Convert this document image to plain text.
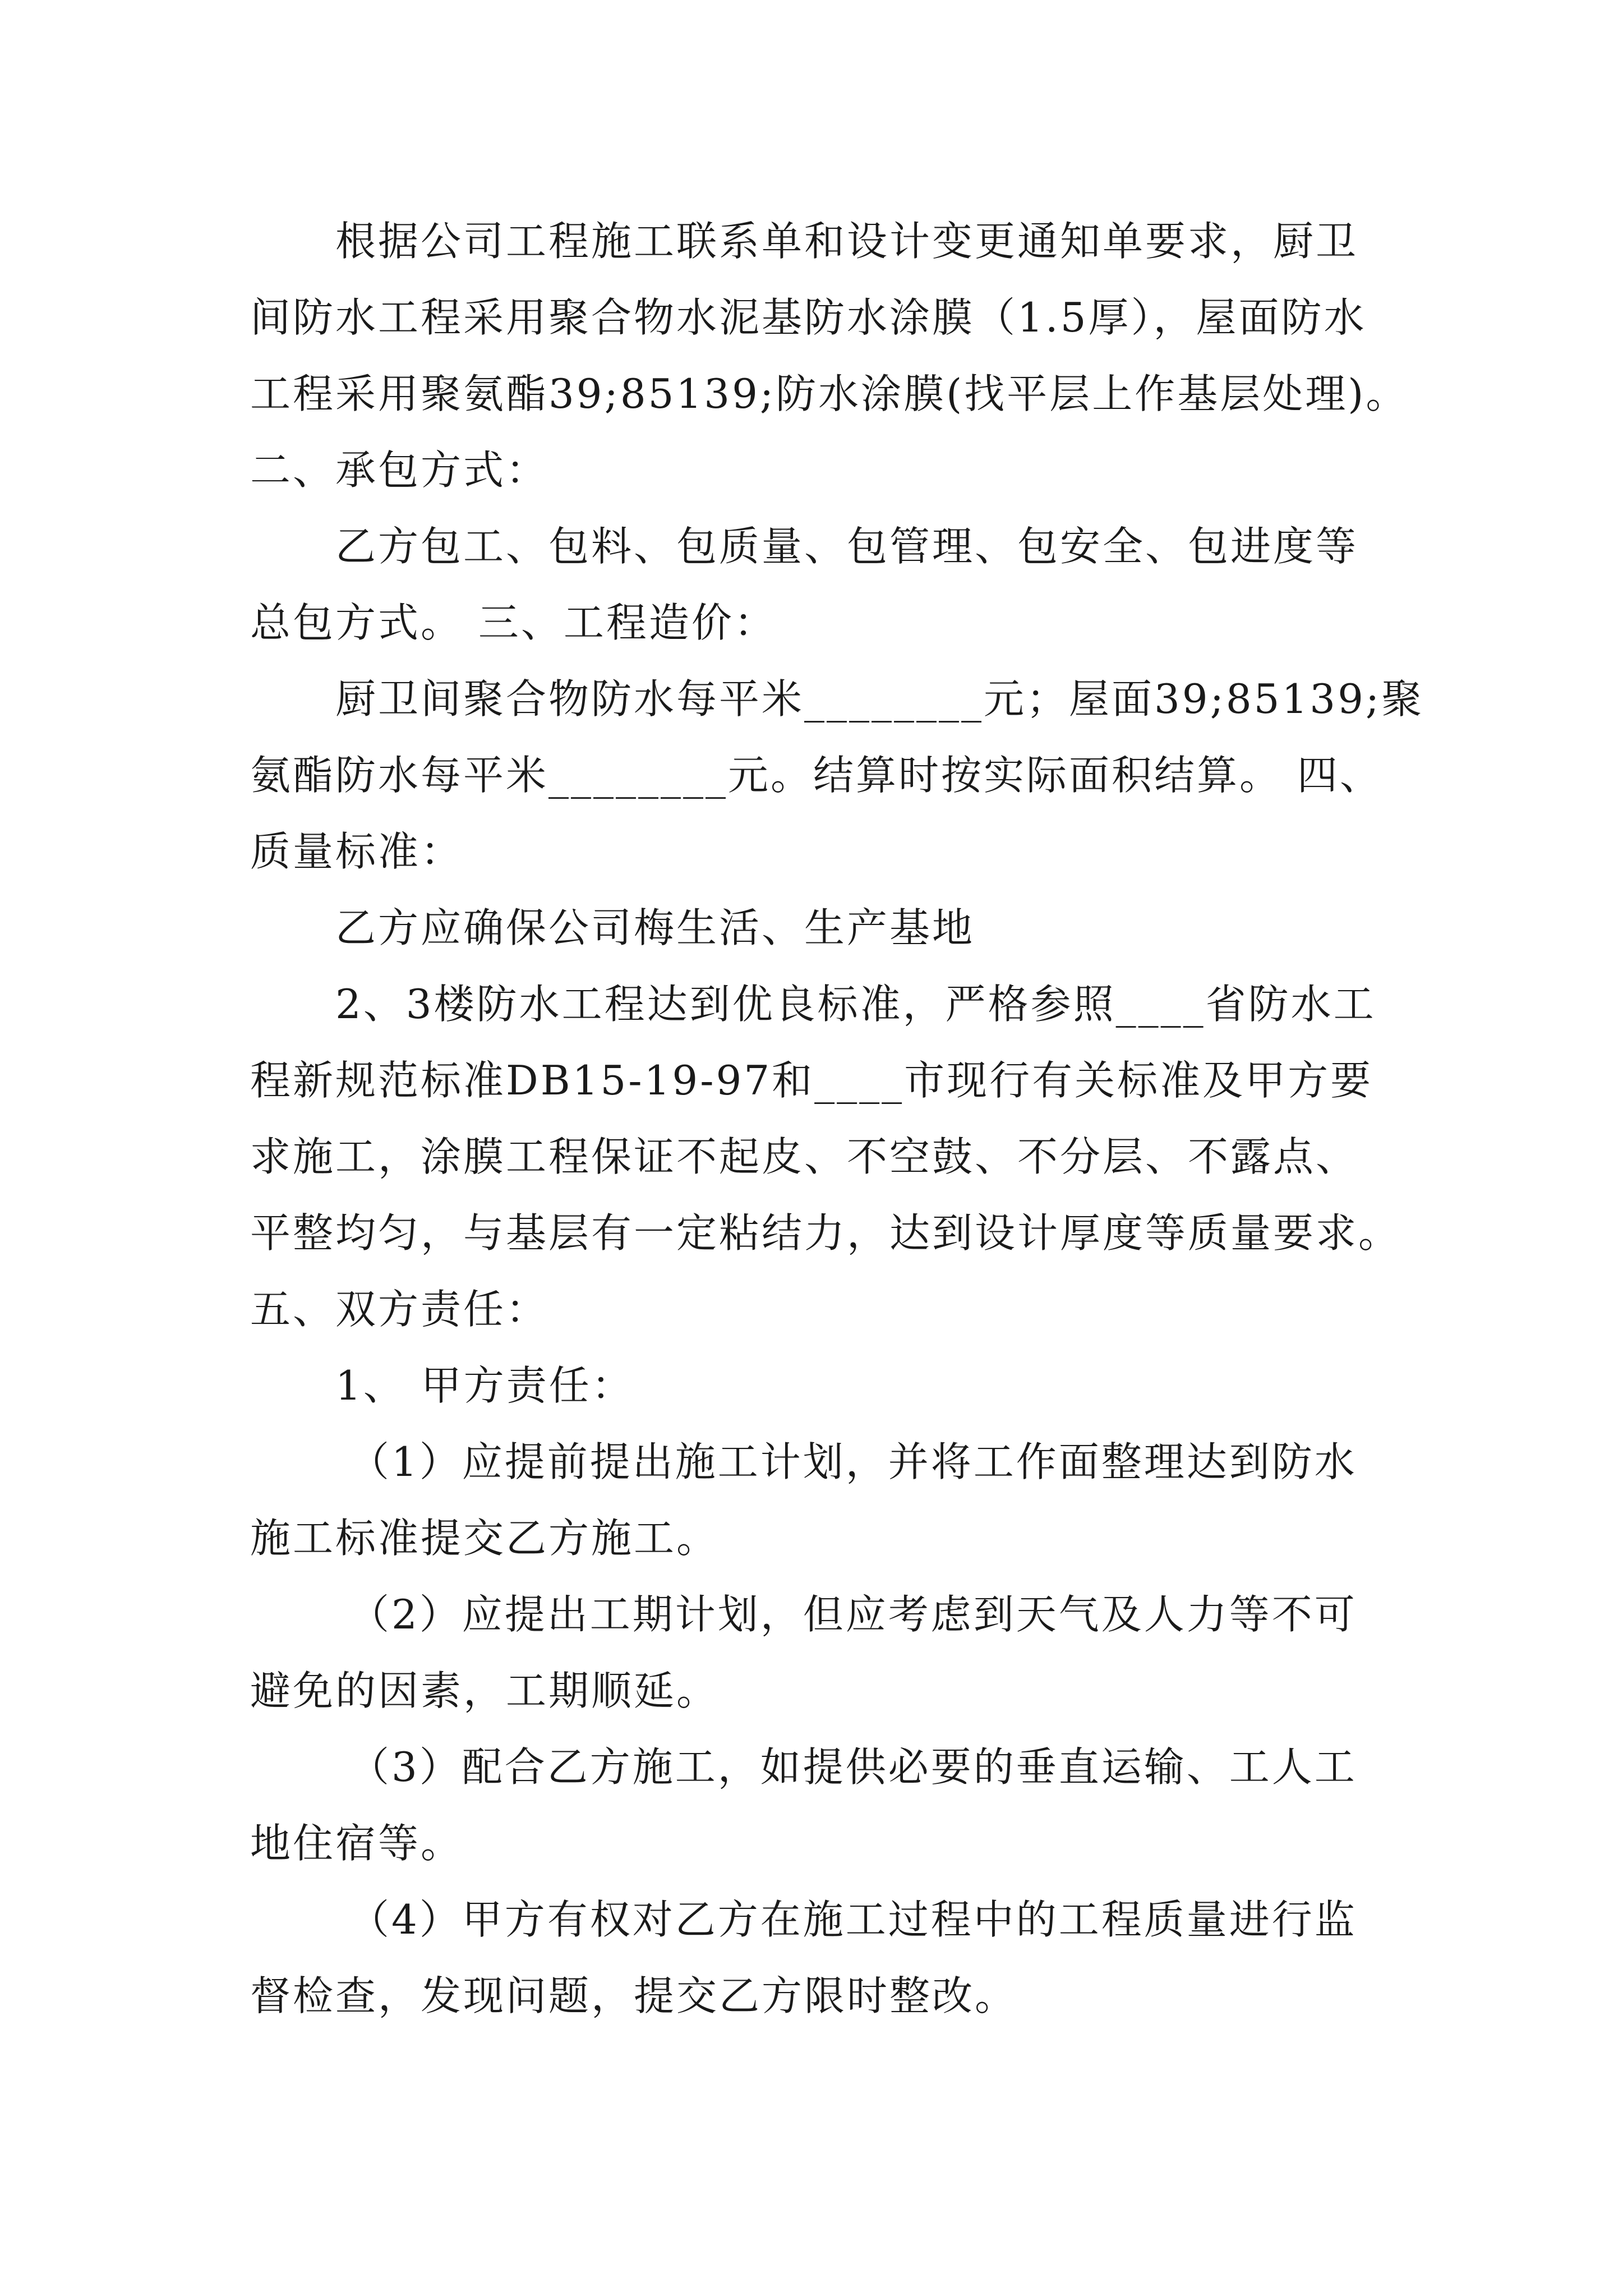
根据公司工程施工联系单和设计变更通知单要求，厨卫
间防水工程采用聚合物水泥基防水涂膜（1.5厚），屋面防水
工程采用聚氨酯39;85139;防水涂膜(找平层上作基层处理)。
二、承包方式：
乙方包工、包料、包质量、包管理、包安全、包进度等
总包方式。 三、工程造价：
厨卫间聚合物防水每平米________元；屋面39;85139;聚
氨酯防水每平米________元。结算时按实际面积结算。 四、
质量标准：
乙方应确保公司梅生活、生产基地
2、3楼防水工程达到优良标准，严格参照____省防水工
程新规范标准DB15-19-97和____市现行有关标准及甲方要
求施工，涂膜工程保证不起皮、不空鼓、不分层、不露点、
平整均匀，与基层有一定粘结力，达到设计厚度等质量要求。
五、双方责任：
1、 甲方责任：
（1）应提前提出施工计划，并将工作面整理达到防水
施工标准提交乙方施工。
（2）应提出工期计划，但应考虑到天气及人力等不可
避免的因素，工期顺延。
（3）配合乙方施工，如提供必要的垂直运输、工人工
地住宿等。
（4）甲方有权对乙方在施工过程中的工程质量进行监
督检查，发现问题，提交乙方限时整改。
